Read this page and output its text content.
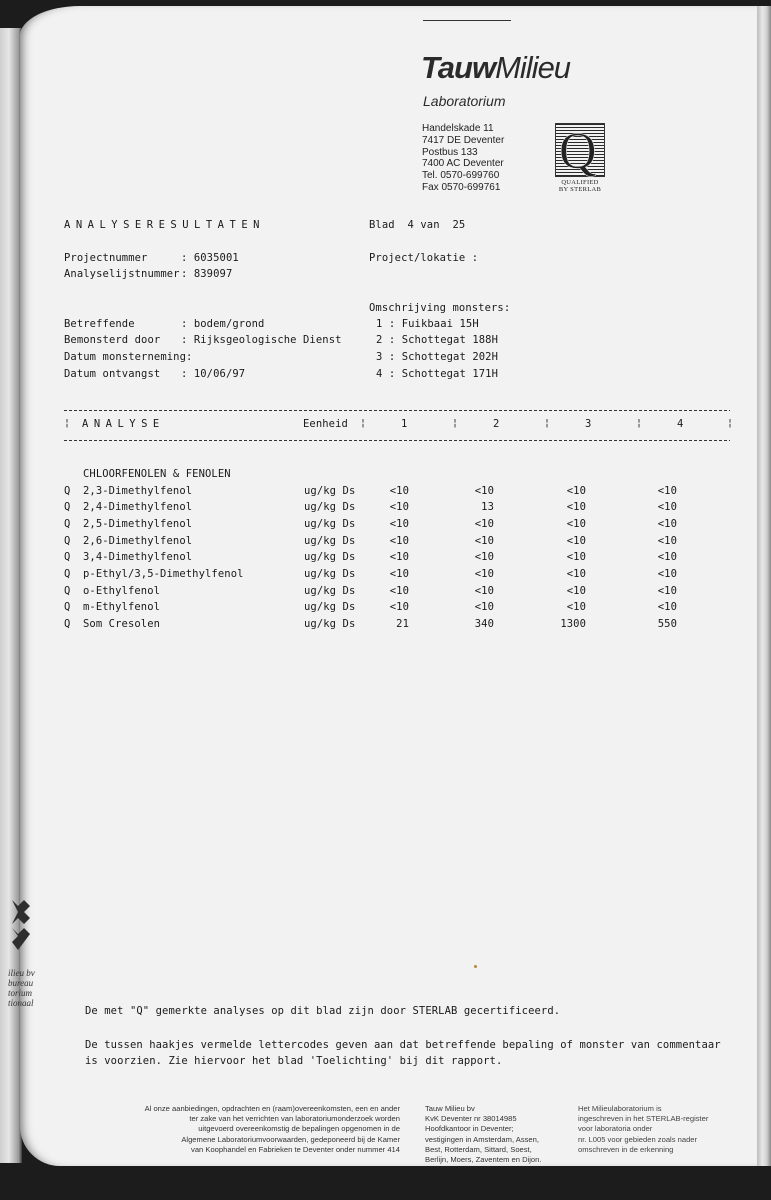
ilieu bv
bureau
torium
tionaal
TauwMilieu
Laboratorium
Handelskade 11
7417 DE Deventer
Postbus 133
7400 AC Deventer
Tel. 0570-699760
Fax 0570-699761
Q
QUALIFIED
BY STERLAB
ANALYSERESULTATEN	Blad 4 van 25
Projectnummer	: 6035001	Project/lokatie :
Analyselijstnummer : 839097
Omschrijving monsters:
Betreffende	: bodem/grond
Bemonsterd door : Rijksgeologische Dienst
Datum monsterneming:
Datum ontvangst : 10/06/97
1 : Fuikbaai 15H
2 : Schottegat 188H
3 : Schottegat 202H
4 : Schottegat 171H
¦ ANALYSE	Eenheid ¦	1	¦	2	¦	3	¦	4	¦
CHLOORFENOLEN & FENOLEN
Q 2,3-Dimethylfenol	ug/kg Ds	<10	<10	<10	<10
Q 2,4-Dimethylfenol	ug/kg Ds	<10	13	<10	<10
Q 2,5-Dimethylfenol	ug/kg Ds	<10	<10	<10	<10
Q 2,6-Dimethylfenol	ug/kg Ds	<10	<10	<10	<10
Q 3,4-Dimethylfenol	ug/kg Ds	<10	<10	<10	<10
Q p-Ethyl/3,5-Dimethylfenol	ug/kg Ds	<10	<10	<10	<10
Q o-Ethylfenol	ug/kg Ds	<10	<10	<10	<10
Q m-Ethylfenol	ug/kg Ds	<10	<10	<10	<10
Q Som Cresolen	ug/kg Ds	21	340	1300	550
De met "Q" gemerkte analyses op dit blad zijn door STERLAB gecertificeerd.
De tussen haakjes vermelde lettercodes geven aan dat betreffende bepaling of monster van commentaar
is voorzien. Zie hiervoor het blad 'Toelichting' bij dit rapport.
Al onze aanbiedingen, opdrachten en (raam)overeenkomsten, een en ander
ter zake van het verrichten van laboratoriumonderzoek worden
uitgevoerd overeenkomstig de bepalingen opgenomen in de
Algemene Laboratoriumvoorwaarden, gedeponeerd bij de Kamer
van Koophandel en Fabrieken te Deventer onder nummer 414
Tauw Milieu bv
KvK Deventer nr 38014985
Hoofdkantoor in Deventer;
vestigingen in Amsterdam, Assen,
Best, Rotterdam, Sittard, Soest,
Berlijn, Moers, Zaventem en Dijon.
Het Milieulaboratorium is
ingeschreven in het STERLAB-register
voor laboratoria onder
nr. L005 voor gebieden zoals nader
omschreven in de erkenning
